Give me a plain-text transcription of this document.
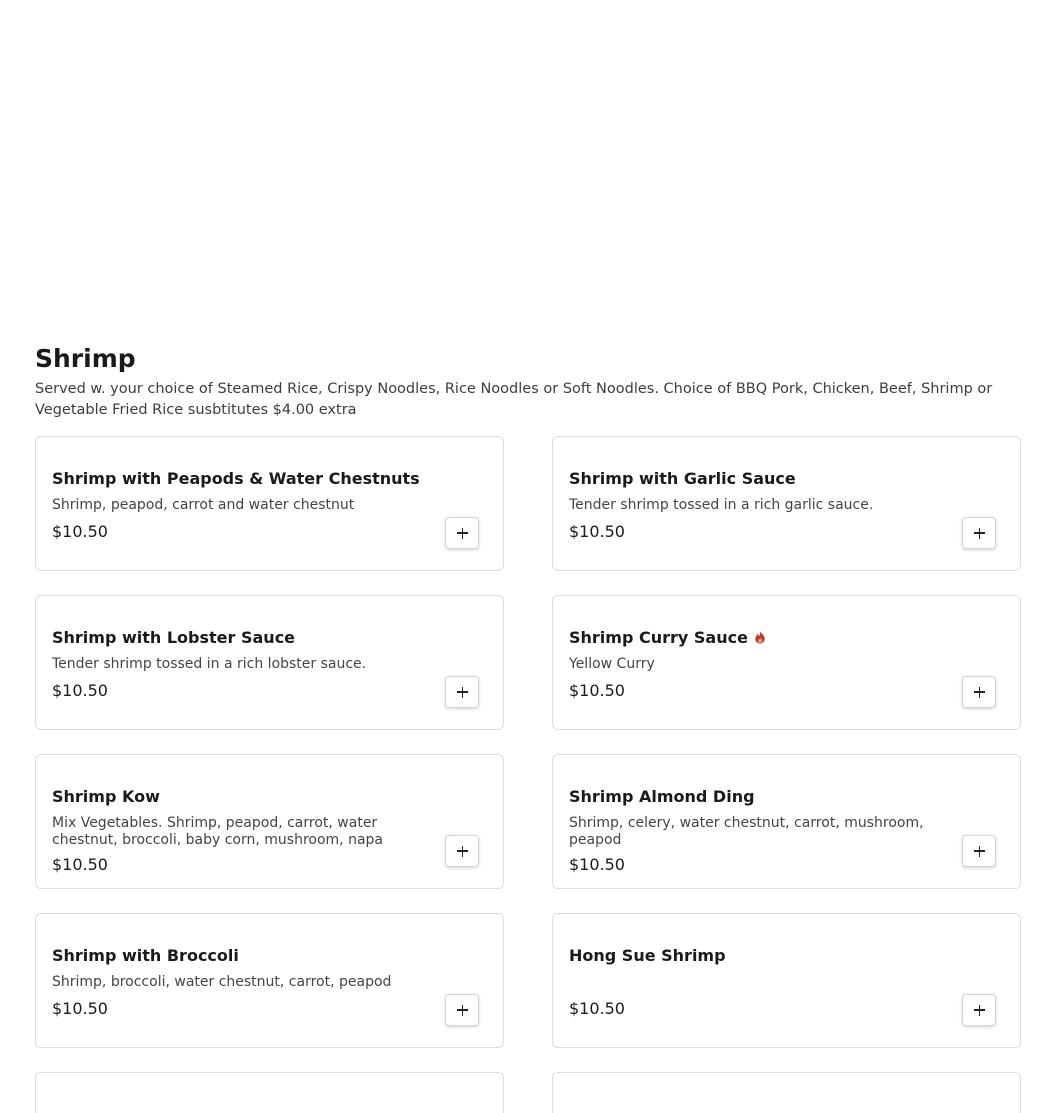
Shrimp

Served w. your choice of Steamed Rice, Crispy Noodles, Rice Noodles or Soft Noodles. Choice of BBQ Pork, Chicken, Beef, Shrimp or Vegetable Fried Rice susbtitutes $4.00 extra

Shrimp with Peapods & Water Chestnuts
Shrimp, peapod, carrot and water chestnut
$10.50
Shrimp with Garlic Sauce
Tender shrimp tossed in a rich garlic sauce.
$10.50
Shrimp with Lobster Sauce
Tender shrimp tossed in a rich lobster sauce.
$10.50
Shrimp Curry Sauce
Yellow Curry
$10.50
Shrimp Kow
Mix Vegetables. Shrimp, peapod, carrot, water chestnut, broccoli, baby corn, mushroom, napa
$10.50
Shrimp Almond Ding
Shrimp, celery, water chestnut, carrot, mushroom, peapod
$10.50
Shrimp with Broccoli
Shrimp, broccoli, water chestnut, carrot, peapod
$10.50
Hong Sue Shrimp
$10.50
